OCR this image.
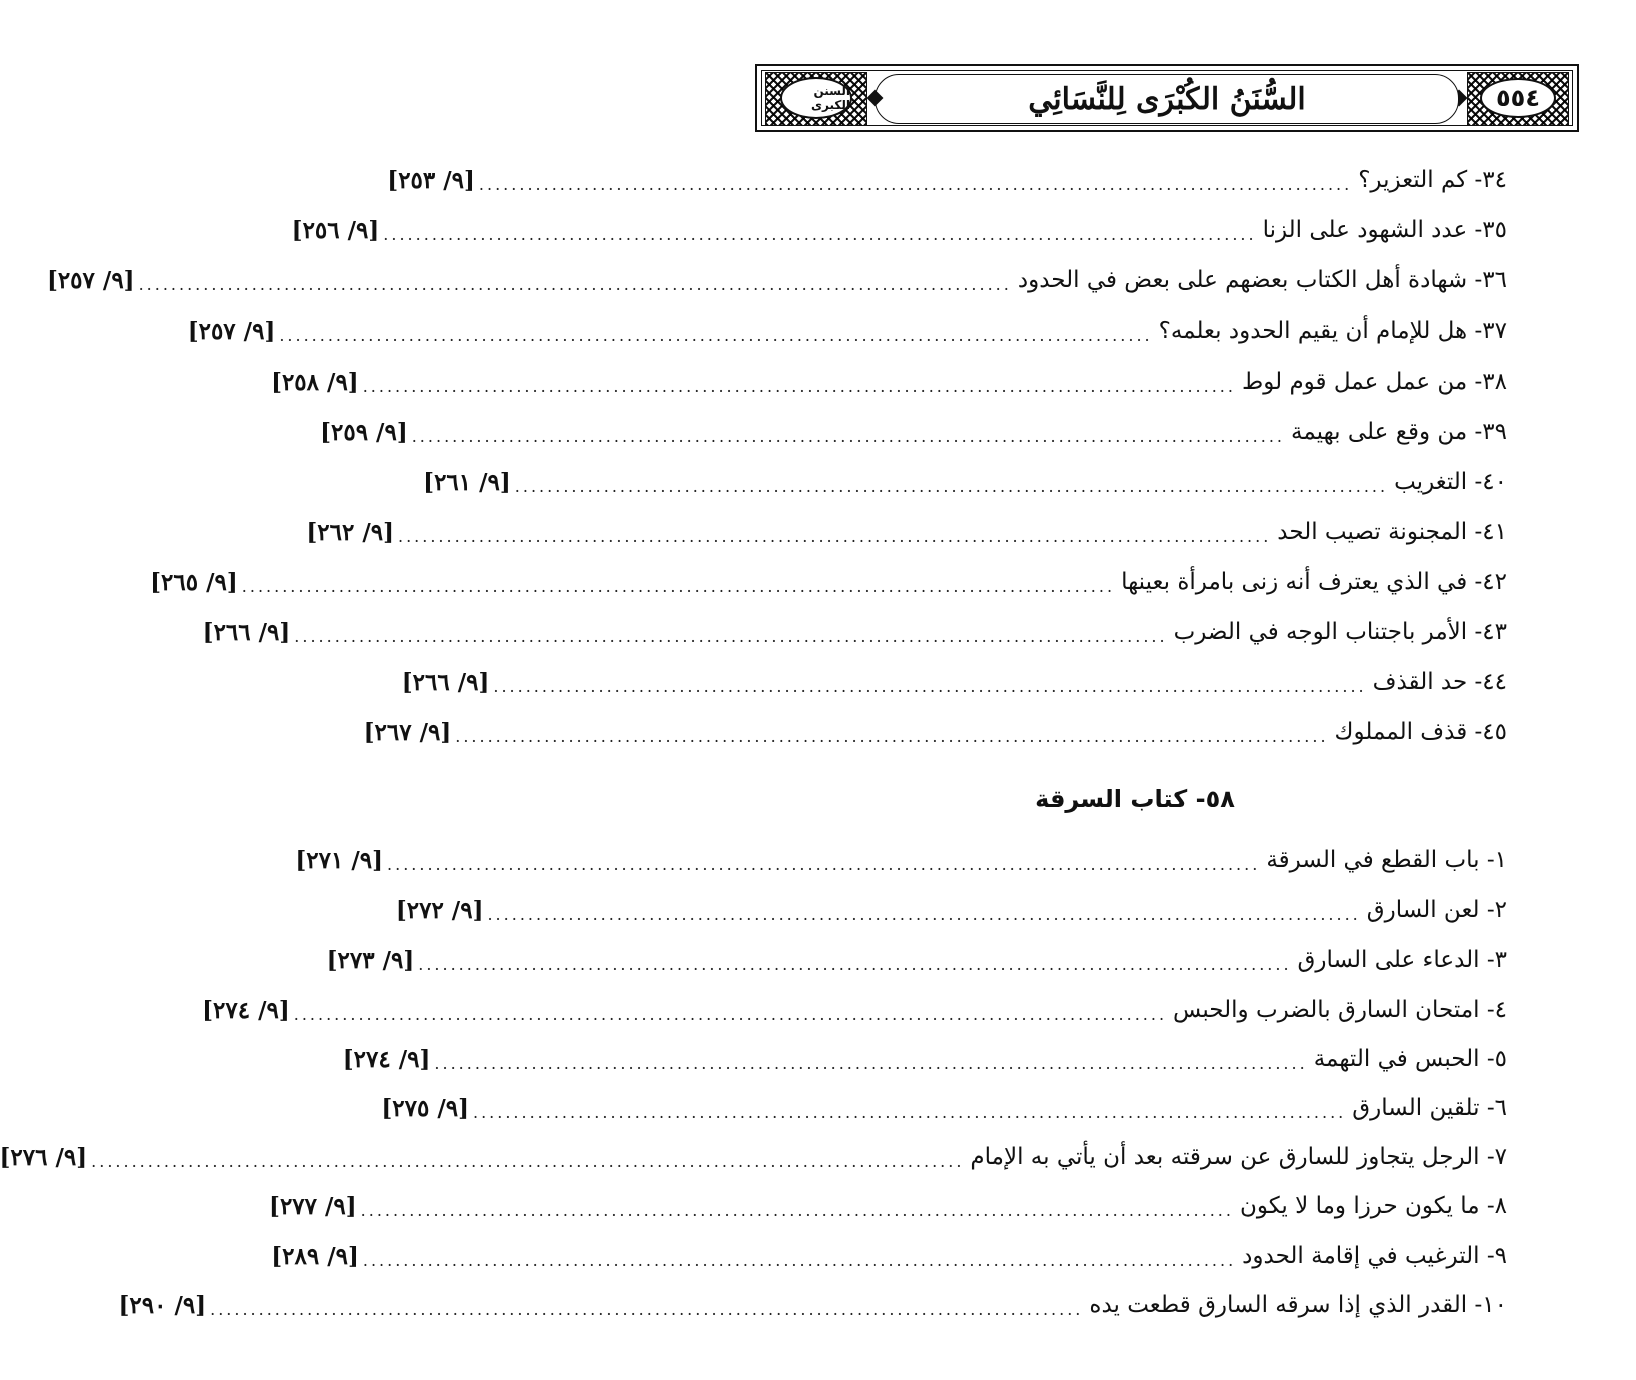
٥٥٤
السُّنَنُ الكُبْرَى لِلنَّسَائِي
السنن الكبرى
٣٤- كم التعزير؟
............................................................................................................
[٩/ ٢٥٣]
٣٥- عدد الشهود على الزنا
............................................................................................................
[٩/ ٢٥٦]
٣٦- شهادة أهل الكتاب بعضهم على بعض في الحدود
............................................................................................................
[٩/ ٢٥٧]
٣٧- هل للإمام أن يقيم الحدود بعلمه؟
............................................................................................................
[٩/ ٢٥٧]
٣٨- من عمل عمل قوم لوط
............................................................................................................
[٩/ ٢٥٨]
٣٩- من وقع على بهيمة
............................................................................................................
[٩/ ٢٥٩]
٤٠- التغريب
............................................................................................................
[٩/ ٢٦١]
٤١- المجنونة تصيب الحد
............................................................................................................
[٩/ ٢٦٢]
٤٢- في الذي يعترف أنه زنى بامرأة بعينها
............................................................................................................
[٩/ ٢٦٥]
٤٣- الأمر باجتناب الوجه في الضرب
............................................................................................................
[٩/ ٢٦٦]
٤٤- حد القذف
............................................................................................................
[٩/ ٢٦٦]
٤٥- قذف المملوك
............................................................................................................
[٩/ ٢٦٧]
١- باب القطع في السرقة
............................................................................................................
[٩/ ٢٧١]
٢- لعن السارق
............................................................................................................
[٩/ ٢٧٢]
٣- الدعاء على السارق
............................................................................................................
[٩/ ٢٧٣]
٤- امتحان السارق بالضرب والحبس
............................................................................................................
[٩/ ٢٧٤]
٥- الحبس في التهمة
............................................................................................................
[٩/ ٢٧٤]
٦- تلقين السارق
............................................................................................................
[٩/ ٢٧٥]
٧- الرجل يتجاوز للسارق عن سرقته بعد أن يأتي به الإمام
............................................................................................................
[٩/ ٢٧٦]
٨- ما يكون حرزا وما لا يكون
............................................................................................................
[٩/ ٢٧٧]
٩- الترغيب في إقامة الحدود
............................................................................................................
[٩/ ٢٨٩]
١٠- القدر الذي إذا سرقه السارق قطعت يده
............................................................................................................
[٩/ ٢٩٠]
٥٨- كتاب السرقة
